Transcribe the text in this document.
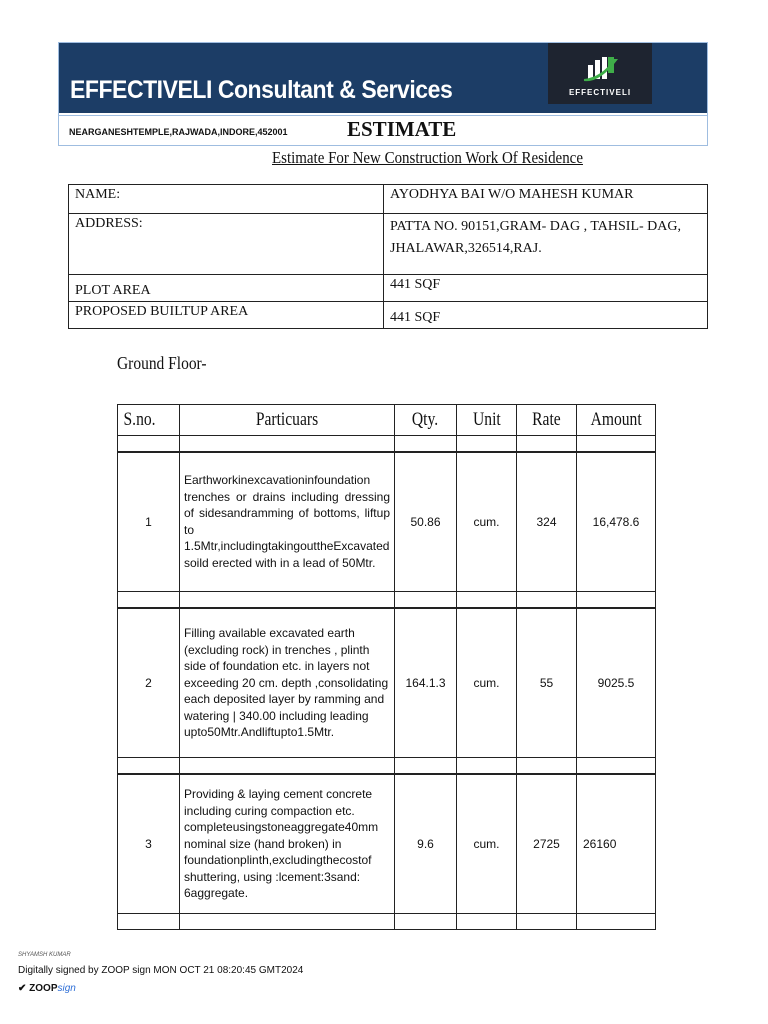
EFFECTIVELI Consultant & Services	EFFECTIVELI
NEARGANESHTEMPLE,RAJWADA,INDORE,452001	ESTIMATE
Estimate For New Construction Work Of Residence
NAME:	AYODHYA BAI W/O MAHESH KUMAR
ADDRESS:	PATTA NO. 90151,GRAM- DAG , TAHSIL- DAG, JHALAWAR,326514,RAJ.
PLOT AREA	441 SQF
PROPOSED BUILTUP AREA	441 SQF
Ground Floor-
S.no.	Particuars	Qty.	Unit	Rate	Amount

1	Earthworkinexcavationinfoundation trenches or drains including dressing of sidesandramming of bottoms, liftup to 1.5Mtr,includingtakingouttheExcavated soild erected with in a lead of 50Mtr.	50.86	cum.	324	16,478.6

2	Filling available excavated earth (excluding rock) in trenches , plinth side of foundation etc. in layers not exceeding 20 cm. depth ,consolidating each deposited layer by ramming and watering | 340.00 including leading upto50Mtr.Andliftupto1.5Mtr.	164.1.3	cum.	55	9025.5

3	Providing & laying cement concrete including curing compaction etc. completeusingstoneaggregate40mm nominal size (hand broken) in foundationplinth,excludingthecostof shuttering, using :lcement:3sand: 6aggregate.	9.6	cum.	2725	26160

SHYAMSH KUMAR
Digitally signed by ZOOP sign MON OCT 21 08:20:45 GMT2024
✔ ZOOPsign
